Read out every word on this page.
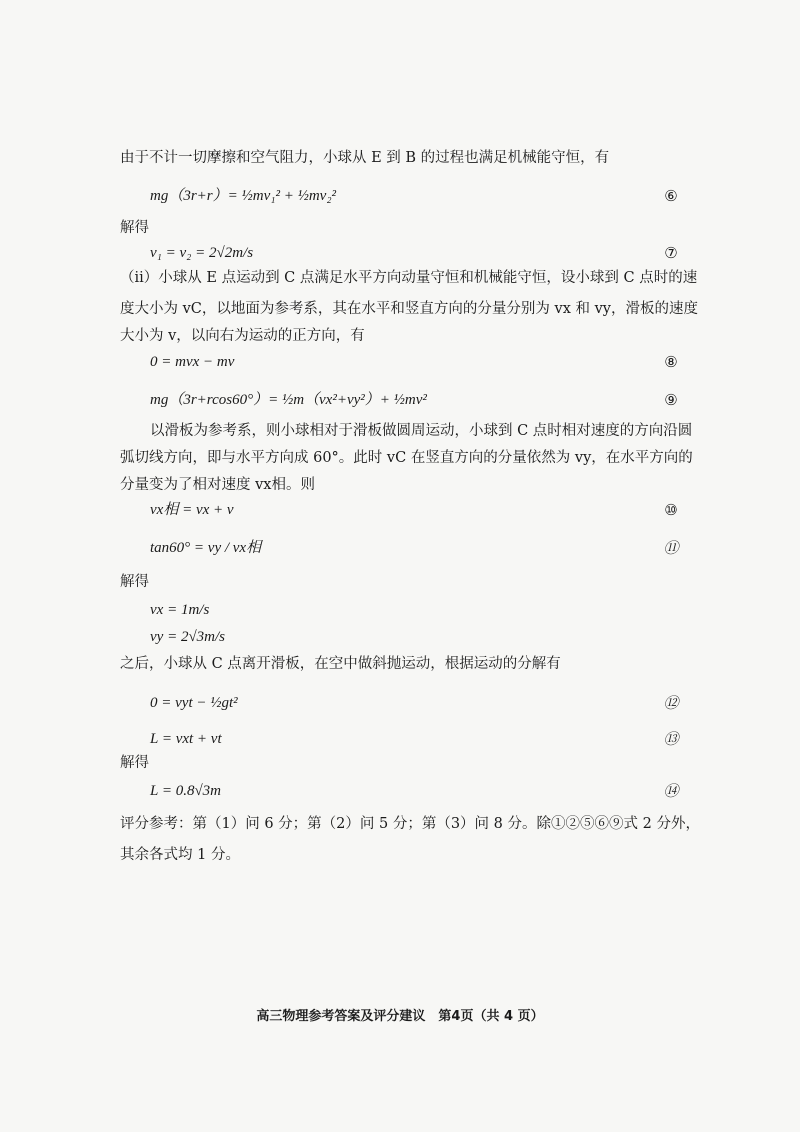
由于不计一切摩擦和空气阻力，小球从 E 到 B 的过程也满足机械能守恒，有
mg（3r+r）= ½mv₁² + ½mv₂²	⑥
解得
v₁ = v₂ = 2√2m/s	⑦
（ii）小球从 E 点运动到 C 点满足水平方向动量守恒和机械能守恒，设小球到 C 点时的速
度大小为 vC，以地面为参考系，其在水平和竖直方向的分量分别为 vx 和 vy，滑板的速度
大小为 v，以向右为运动的正方向，有
0 = mvx − mv	⑧
mg（3r+rcos60°）= ½m（vx²+vy²）+ ½mv²	⑨
以滑板为参考系，则小球相对于滑板做圆周运动，小球到 C 点时相对速度的方向沿圆
弧切线方向，即与水平方向成 60°。此时 vC 在竖直方向的分量依然为 vy，在水平方向的
分量变为了相对速度 vx相。则
vx相 = vx + v	⑩
tan60° = vy / vx相	⑪
解得
vx = 1m/s
vy = 2√3m/s
之后，小球从 C 点离开滑板，在空中做斜抛运动，根据运动的分解有
0 = vyt − ½gt²	⑫
L = vxt + vt	⑬
解得
L = 0.8√3m	⑭
评分参考：第（1）问 6 分；第（2）问 5 分；第（3）问 8 分。除①②⑤⑥⑨式 2 分外，
其余各式均 1 分。
高三物理参考答案及评分建议　第4页（共 4 页）
